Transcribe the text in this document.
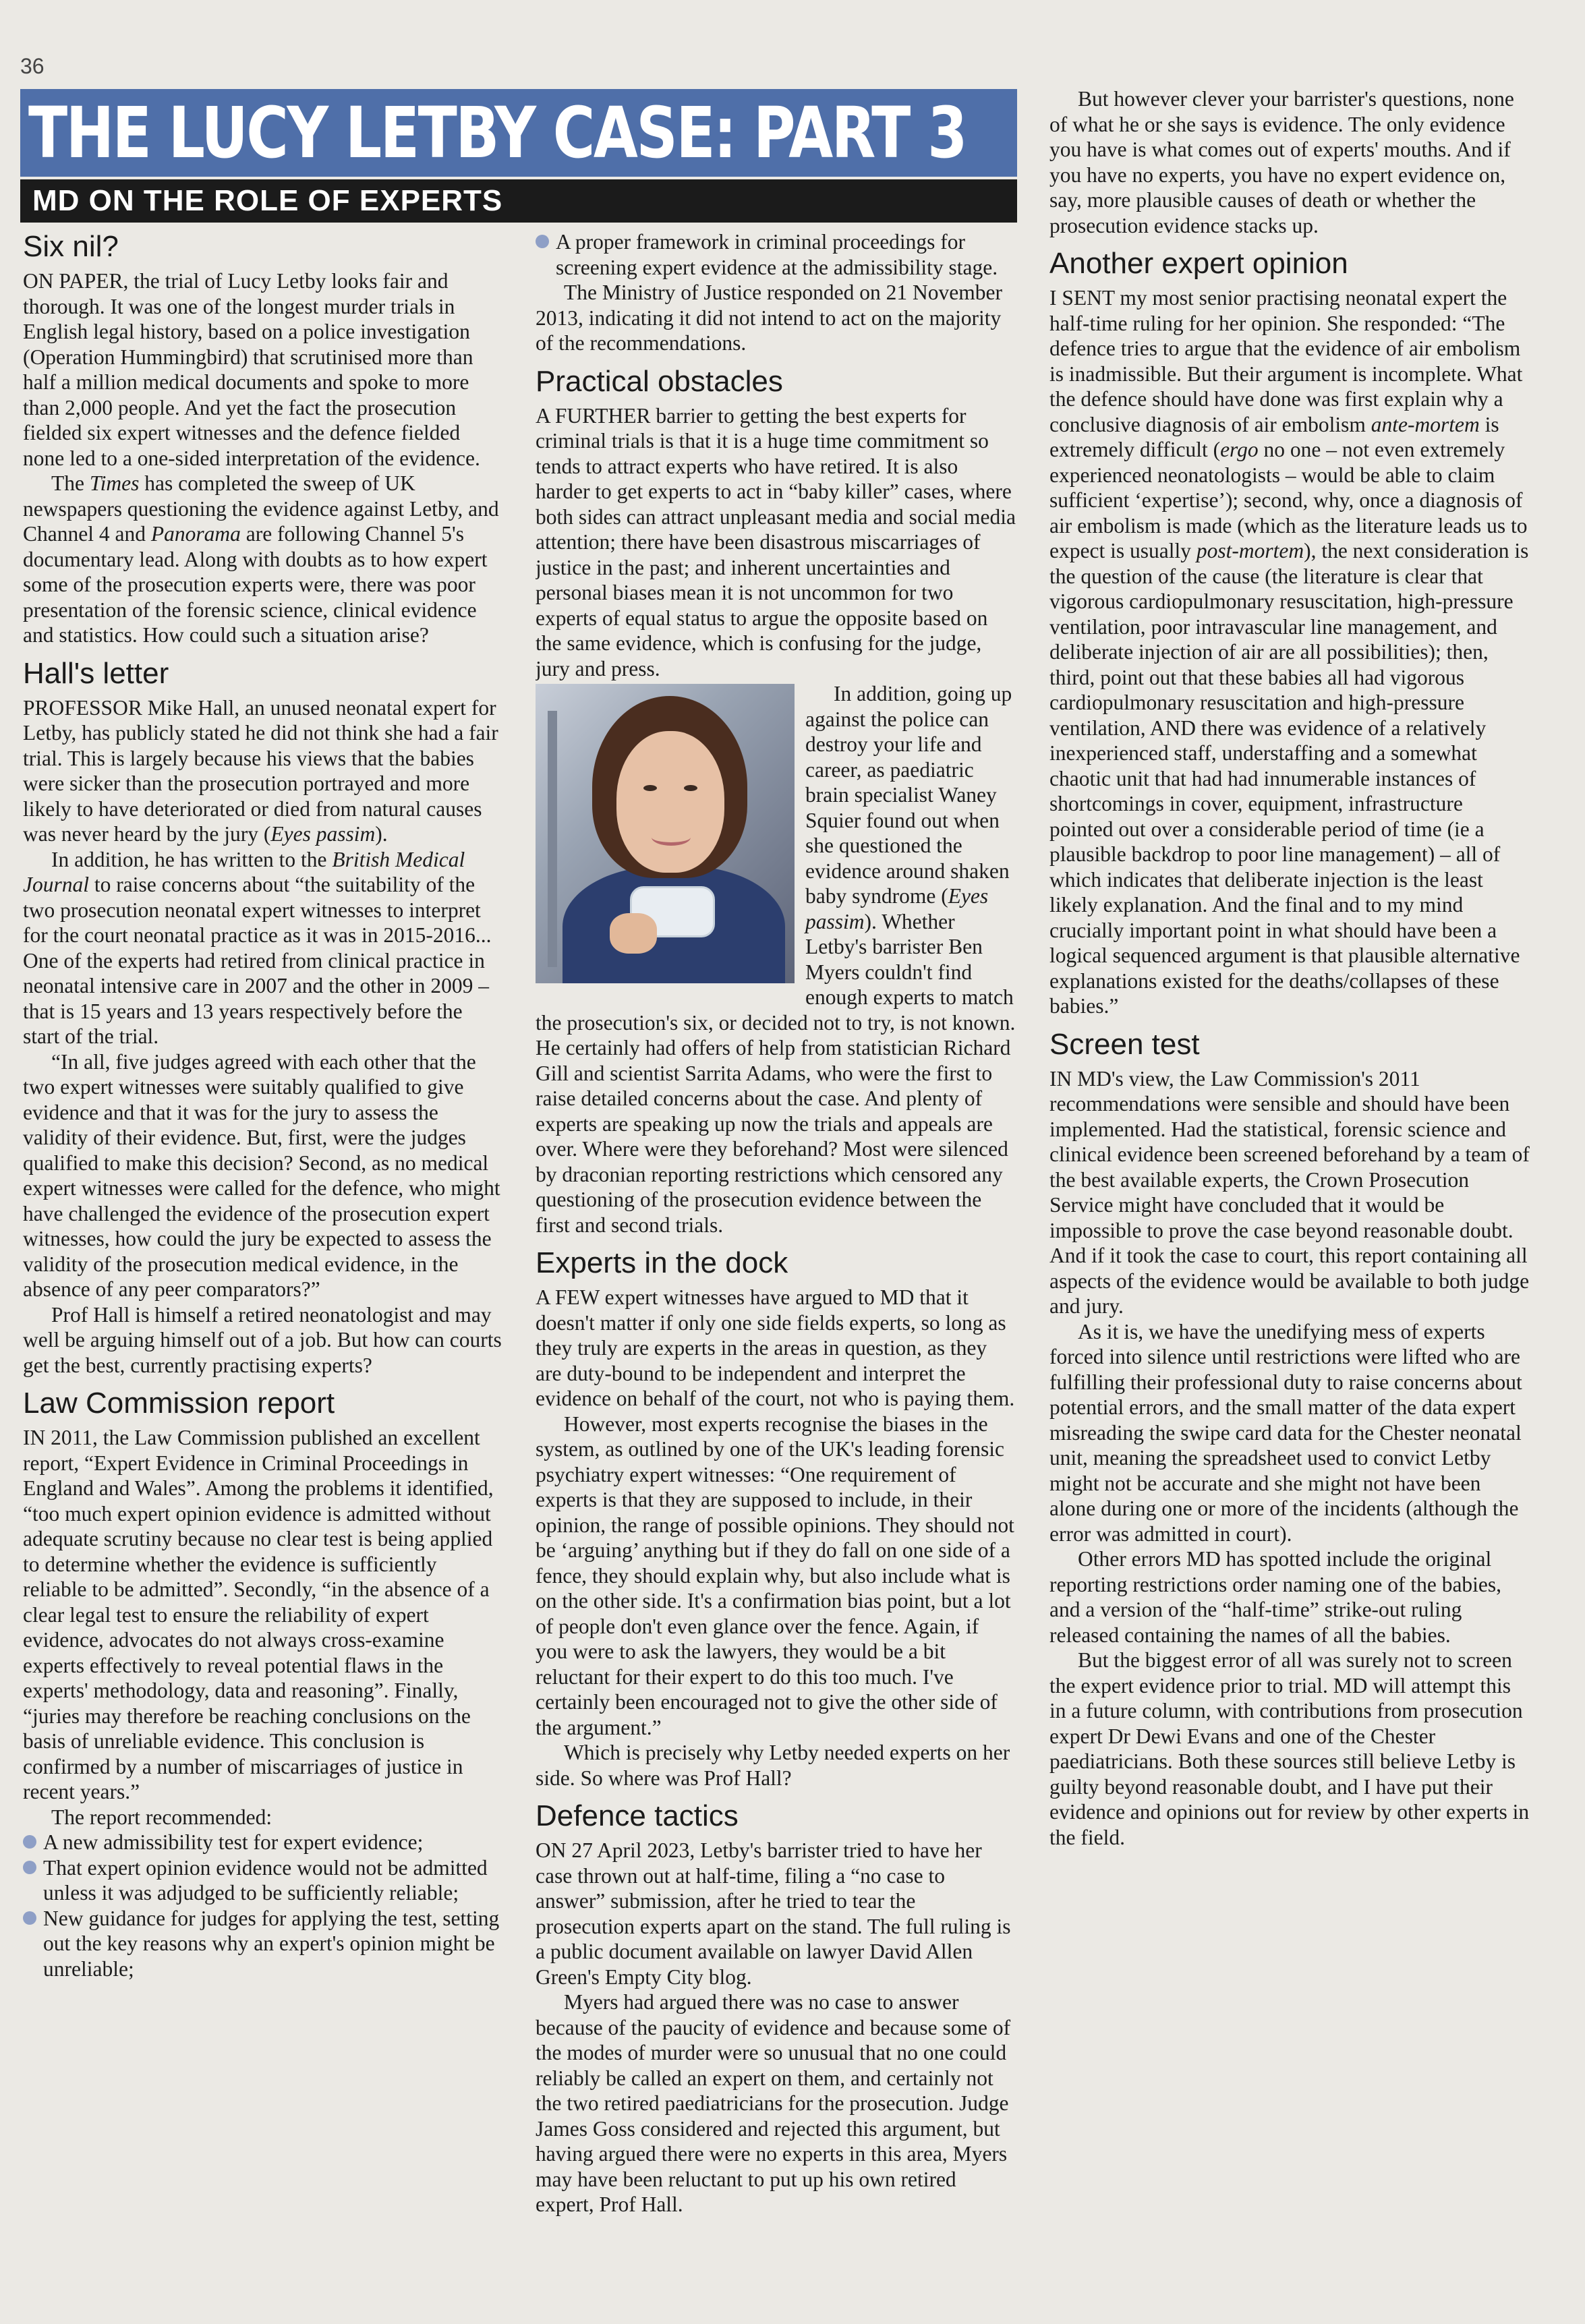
36
THE LUCY LETBY CASE: PART 3
MD ON THE ROLE OF EXPERTS
Six nil?

ON PAPER, the trial of Lucy Letby looks fair and thorough. It was one of the longest murder trials in English legal history, based on a police investigation (Operation Hummingbird) that scrutinised more than half a million medical documents and spoke to more than 2,000 people. And yet the fact the prosecution fielded six expert witnesses and the defence fielded none led to a one-sided interpretation of the evidence.

The Times has completed the sweep of UK newspapers questioning the evidence against Letby, and Channel 4 and Panorama are following Channel 5's documentary lead. Along with doubts as to how expert some of the prosecution experts were, there was poor presentation of the forensic science, clinical evidence and statistics. How could such a situation arise?

Hall's letter

PROFESSOR Mike Hall, an unused neonatal expert for Letby, has publicly stated he did not think she had a fair trial. This is largely because his views that the babies were sicker than the prosecution portrayed and more likely to have deteriorated or died from natural causes was never heard by the jury (Eyes passim).

In addition, he has written to the British Medical Journal to raise concerns about “the suitability of the two prosecution neonatal expert witnesses to interpret for the court neonatal practice as it was in 2015-2016... One of the experts had retired from clinical practice in neonatal intensive care in 2007 and the other in 2009 – that is 15 years and 13 years respectively before the start of the trial.

“In all, five judges agreed with each other that the two expert witnesses were suitably qualified to give evidence and that it was for the jury to assess the validity of their evidence. But, first, were the judges qualified to make this decision? Second, as no medical expert witnesses were called for the defence, who might have challenged the evidence of the prosecution expert witnesses, how could the jury be expected to assess the validity of the prosecution medical evidence, in the absence of any peer comparators?”

Prof Hall is himself a retired neonatologist and may well be arguing himself out of a job. But how can courts get the best, currently practising experts?

Law Commission report

IN 2011, the Law Commission published an excellent report, “Expert Evidence in Criminal Proceedings in England and Wales”. Among the problems it identified, “too much expert opinion evidence is admitted without adequate scrutiny because no clear test is being applied to determine whether the evidence is sufficiently reliable to be admitted”. Secondly, “in the absence of a clear legal test to ensure the reliability of expert evidence, advocates do not always cross-examine experts effectively to reveal potential flaws in the experts' methodology, data and reasoning”. Finally, “juries may therefore be reaching conclusions on the basis of unreliable evidence. This conclusion is confirmed by a number of miscarriages of justice in recent years.”

The report recommended:

A new admissibility test for expert evidence;

That expert opinion evidence would not be admitted unless it was adjudged to be sufficiently reliable;

New guidance for judges for applying the test, setting out the key reasons why an expert's opinion might be unreliable;

A proper framework in criminal proceedings for screening expert evidence at the admissibility stage.

The Ministry of Justice responded on 21 November 2013, indicating it did not intend to act on the majority of the recommendations.

Practical obstacles

A FURTHER barrier to getting the best experts for criminal trials is that it is a huge time commitment so tends to attract experts who have retired. It is also harder to get experts to act in “baby killer” cases, where both sides can attract unpleasant media and social media attention; there have been disastrous miscarriages of justice in the past; and inherent uncertainties and personal biases mean it is not uncommon for two experts of equal status to argue the opposite based on the same evidence, which is confusing for the judge, jury and press.

In addition, going up against the police can destroy your life and career, as paediatric brain specialist Waney Squier found out when she questioned the evidence around shaken baby syndrome (Eyes passim). Whether Letby's barrister Ben Myers couldn't find enough experts to match the prosecution's six, or decided not to try, is not known. He certainly had offers of help from statistician Richard Gill and scientist Sarrita Adams, who were the first to raise detailed concerns about the case. And plenty of experts are speaking up now the trials and appeals are over. Where were they beforehand? Most were silenced by draconian reporting restrictions which censored any questioning of the prosecution evidence between the first and second trials.

Experts in the dock

A FEW expert witnesses have argued to MD that it doesn't matter if only one side fields experts, so long as they truly are experts in the areas in question, as they are duty-bound to be independent and interpret the evidence on behalf of the court, not who is paying them.

However, most experts recognise the biases in the system, as outlined by one of the UK's leading forensic psychiatry expert witnesses: “One requirement of experts is that they are supposed to include, in their opinion, the range of possible opinions. They should not be ‘arguing’ anything but if they do fall on one side of a fence, they should explain why, but also include what is on the other side. It's a confirmation bias point, but a lot of people don't even glance over the fence. Again, if you were to ask the lawyers, they would be a bit reluctant for their expert to do this too much. I've certainly been encouraged not to give the other side of the argument.”

Which is precisely why Letby needed experts on her side. So where was Prof Hall?

Defence tactics

ON 27 April 2023, Letby's barrister tried to have her case thrown out at half-time, filing a “no case to answer” submission, after he tried to tear the prosecution experts apart on the stand. The full ruling is a public document available on lawyer David Allen Green's Empty City blog.

Myers had argued there was no case to answer because of the paucity of evidence and because some of the modes of murder were so unusual that no one could reliably be called an expert on them, and certainly not the two retired paediatricians for the prosecution. Judge James Goss considered and rejected this argument, but having argued there were no experts in this area, Myers may have been reluctant to put up his own retired expert, Prof Hall.

But however clever your barrister's questions, none of what he or she says is evidence. The only evidence you have is what comes out of experts' mouths. And if you have no experts, you have no expert evidence on, say, more plausible causes of death or whether the prosecution evidence stacks up.

Another expert opinion

I SENT my most senior practising neonatal expert the half-time ruling for her opinion. She responded: “The defence tries to argue that the evidence of air embolism is inadmissible. But their argument is incomplete. What the defence should have done was first explain why a conclusive diagnosis of air embolism ante-mortem is extremely difficult (ergo no one – not even extremely experienced neonatologists – would be able to claim sufficient ‘expertise’); second, why, once a diagnosis of air embolism is made (which as the literature leads us to expect is usually post-mortem), the next consideration is the question of the cause (the literature is clear that vigorous cardiopulmonary resuscitation, high-pressure ventilation, poor intravascular line management, and deliberate injection of air are all possibilities); then, third, point out that these babies all had vigorous cardiopulmonary resuscitation and high-pressure ventilation, AND there was evidence of a relatively inexperienced staff, understaffing and a somewhat chaotic unit that had had innumerable instances of shortcomings in cover, equipment, infrastructure pointed out over a considerable period of time (ie a plausible backdrop to poor line management) – all of which indicates that deliberate injection is the least likely explanation. And the final and to my mind crucially important point in what should have been a logical sequenced argument is that plausible alternative explanations existed for the deaths/collapses of these babies.”

Screen test

IN MD's view, the Law Commission's 2011 recommendations were sensible and should have been implemented. Had the statistical, forensic science and clinical evidence been screened beforehand by a team of the best available experts, the Crown Prosecution Service might have concluded that it would be impossible to prove the case beyond reasonable doubt. And if it took the case to court, this report containing all aspects of the evidence would be available to both judge and jury.

As it is, we have the unedifying mess of experts forced into silence until restrictions were lifted who are fulfilling their professional duty to raise concerns about potential errors, and the small matter of the data expert misreading the swipe card data for the Chester neonatal unit, meaning the spreadsheet used to convict Letby might not be accurate and she might not have been alone during one or more of the incidents (although the error was admitted in court).

Other errors MD has spotted include the original reporting restrictions order naming one of the babies, and a version of the “half-time” strike-out ruling released containing the names of all the babies.

But the biggest error of all was surely not to screen the expert evidence prior to trial. MD will attempt this in a future column, with contributions from prosecution expert Dr Dewi Evans and one of the Chester paediatricians. Both these sources still believe Letby is guilty beyond reasonable doubt, and I have put their evidence and opinions out for review by other experts in the field.
